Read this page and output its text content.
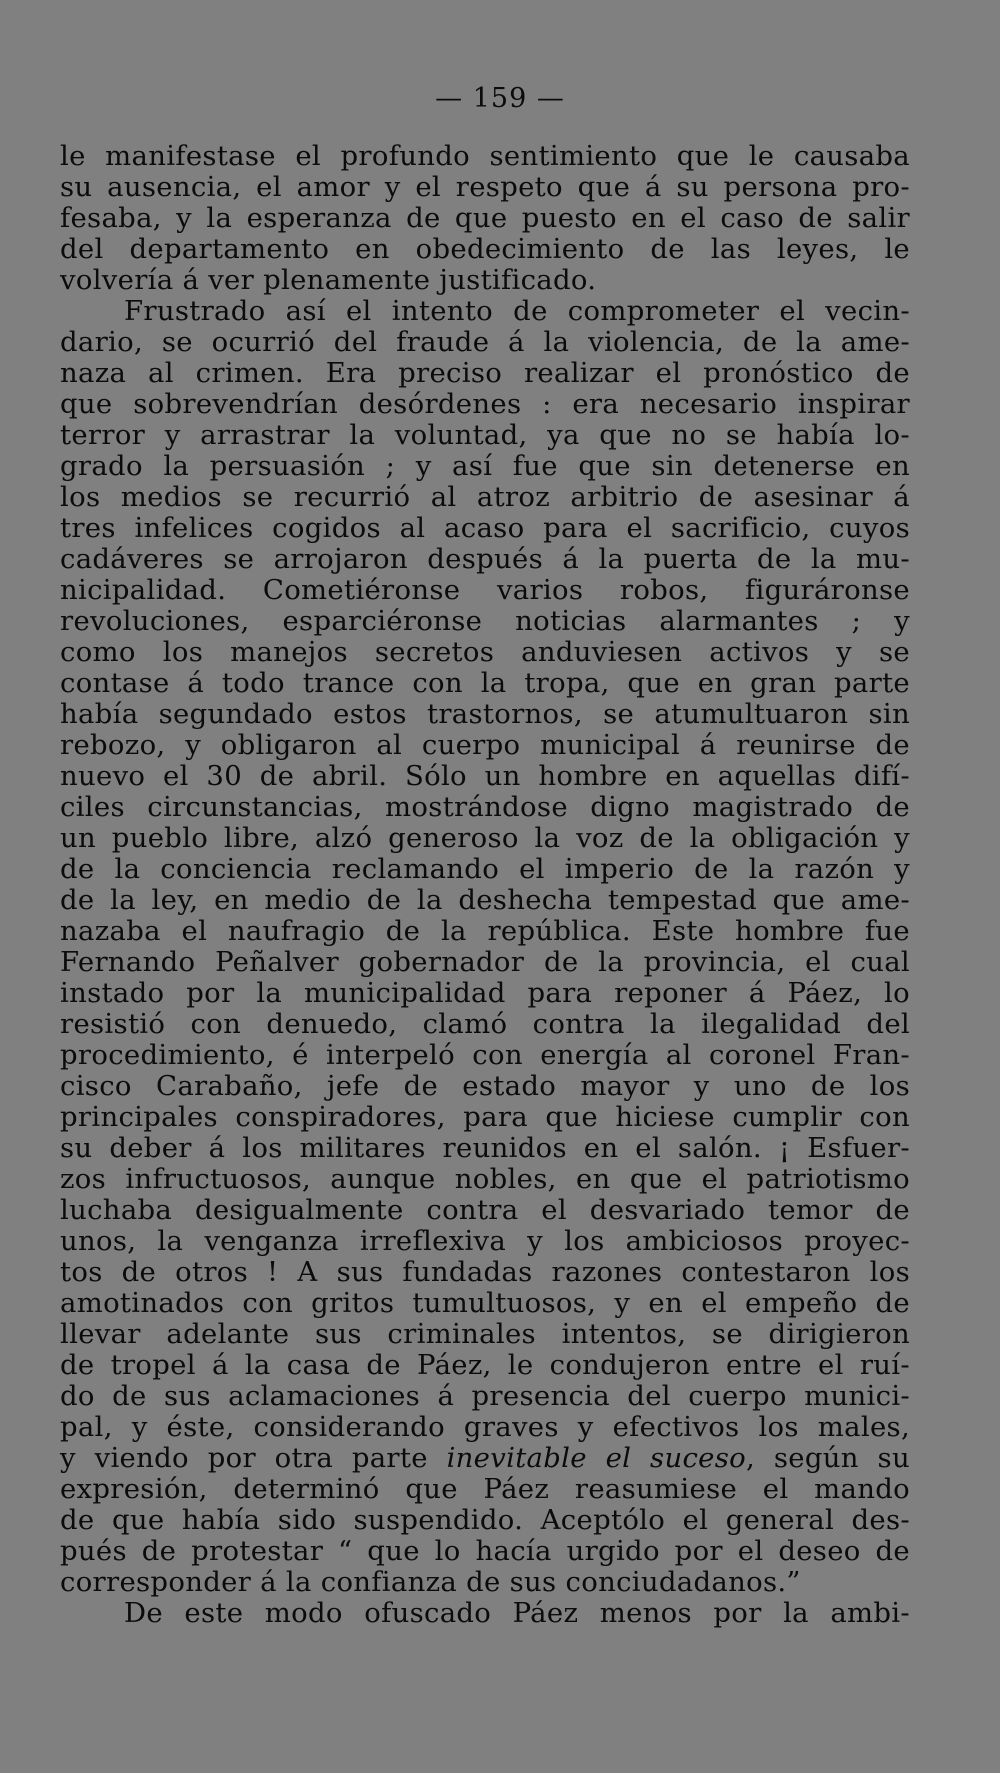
— 159 —
le manifestase el profundo sentimiento que le causaba
su ausencia, el amor y el respeto que á su persona pro-
fesaba, y la esperanza de que puesto en el caso de salir
del departamento en obedecimiento de las leyes, le
volvería á ver plenamente justificado.
Frustrado así el intento de comprometer el vecin-
dario, se ocurrió del fraude á la violencia, de la ame-
naza al crimen. Era preciso realizar el pronóstico de
que sobrevendrían desórdenes : era necesario inspirar
terror y arrastrar la voluntad, ya que no se había lo-
grado la persuasión ; y así fue que sin detenerse en
los medios se recurrió al atroz arbitrio de asesinar á
tres infelices cogidos al acaso para el sacrificio, cuyos
cadáveres se arrojaron después á la puerta de la mu-
nicipalidad. Cometiéronse varios robos, figuráronse
revoluciones, esparciéronse noticias alarmantes ; y
como los manejos secretos anduviesen activos y se
contase á todo trance con la tropa, que en gran parte
había segundado estos trastornos, se atumultuaron sin
rebozo, y obligaron al cuerpo municipal á reunirse de
nuevo el 30 de abril. Sólo un hombre en aquellas difí-
ciles circunstancias, mostrándose digno magistrado de
un pueblo libre, alzó generoso la voz de la obligación y
de la conciencia reclamando el imperio de la razón y
de la ley, en medio de la deshecha tempestad que ame-
nazaba el naufragio de la república. Este hombre fue
Fernando Peñalver gobernador de la provincia, el cual
instado por la municipalidad para reponer á Páez, lo
resistió con denuedo, clamó contra la ilegalidad del
procedimiento, é interpeló con energía al coronel Fran-
cisco Carabaño, jefe de estado mayor y uno de los
principales conspiradores, para que hiciese cumplir con
su deber á los militares reunidos en el salón. ¡ Esfuer-
zos infructuosos, aunque nobles, en que el patriotismo
luchaba desigualmente contra el desvariado temor de
unos, la venganza irreflexiva y los ambiciosos proyec-
tos de otros ! A sus fundadas razones contestaron los
amotinados con gritos tumultuosos, y en el empeño de
llevar adelante sus criminales intentos, se dirigieron
de tropel á la casa de Páez, le condujeron entre el ruí-
do de sus aclamaciones á presencia del cuerpo munici-
pal, y éste, considerando graves y efectivos los males,
y viendo por otra parte inevitable el suceso, según su
expresión, determinó que Páez reasumiese el mando
de que había sido suspendido. Aceptólo el general des-
pués de protestar “ que lo hacía urgido por el deseo de
corresponder á la confianza de sus conciudadanos.”
De este modo ofuscado Páez menos por la ambi-
